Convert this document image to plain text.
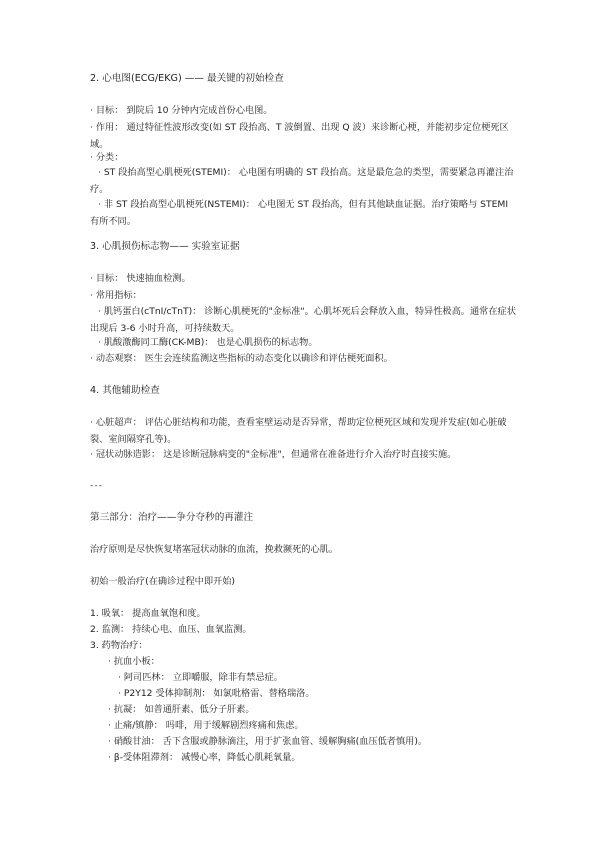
2. 心电图(ECG/EKG) —— 最关键的初始检查

· 目标： 到院后 10 分钟内完成首份心电图。

· 作用： 通过特征性波形改变(如 ST 段抬高、T 波倒置、出现 Q 波）来诊断心梗，并能初步定位梗死区域。

· 分类：

· ST 段抬高型心肌梗死(STEMI)： 心电图有明确的 ST 段抬高。这是最危急的类型，需要紧急再灌注治疗。

· 非 ST 段抬高型心肌梗死(NSTEMI)： 心电图无 ST 段抬高，但有其他缺血证据。治疗策略与 STEMI 有所不同。

3. 心肌损伤标志物—— 实验室证据

· 目标： 快速抽血检测。

· 常用指标：

· 肌钙蛋白(cTnI/cTnT)： 诊断心肌梗死的"金标准"。心肌坏死后会释放入血，特异性极高。通常在症状出现后 3-6 小时升高，可持续数天。

· 肌酸激酶同工酶(CK-MB)： 也是心肌损伤的标志物。

· 动态观察： 医生会连续监测这些指标的动态变化以确诊和评估梗死面积。

4. 其他辅助检查

· 心脏超声： 评估心脏结构和功能，查看室壁运动是否异常，帮助定位梗死区域和发现并发症(如心脏破裂、室间隔穿孔等)。

· 冠状动脉造影： 这是诊断冠脉病变的"金标准"，但通常在准备进行介入治疗时直接实施。

---

第三部分：治疗——争分夺秒的再灌注

治疗原则是尽快恢复堵塞冠状动脉的血流，挽救濒死的心肌。

初始一般治疗(在确诊过程中即开始)

1. 吸氧： 提高血氧饱和度。

2. 监测： 持续心电、血压、血氧监测。

3. 药物治疗：

· 抗血小板：

· 阿司匹林： 立即嚼服，除非有禁忌症。

· P2Y12 受体抑制剂： 如氯吡格雷、替格瑞洛。

· 抗凝： 如普通肝素、低分子肝素。

· 止痛/镇静： 吗啡，用于缓解剧烈疼痛和焦虑。

· 硝酸甘油： 舌下含服或静脉滴注，用于扩张血管、缓解胸痛(血压低者慎用)。

· β-受体阻滞剂： 减慢心率，降低心肌耗氧量。
